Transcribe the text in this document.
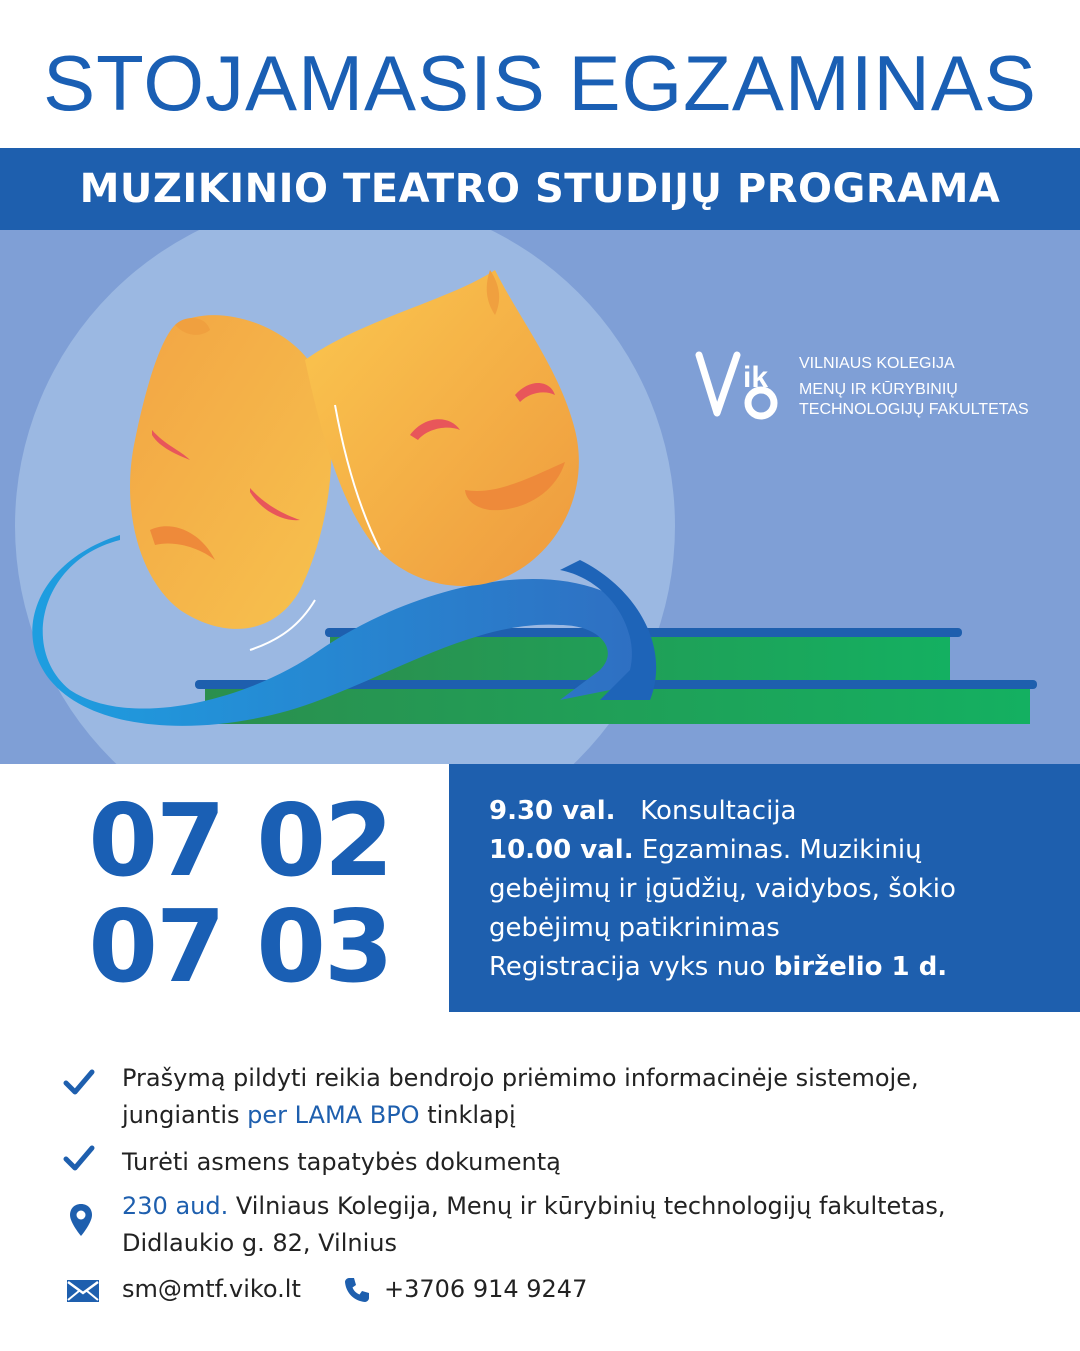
STOJAMASIS EGZAMINAS
MUZIKINIO TEATRO STUDIJŲ PROGRAMA
ik VILNIAUS KOLEGIJA
MENŲ IR KŪRYBINIŲ
TECHNOLOGIJŲ FAKULTETAS
07 02
07 03
9.30 val. Konsultacija
10.00 val. Egzaminas. Muzikinių
gebėjimų ir įgūdžių, vaidybos, šokio
gebėjimų patikrinimas
Registracija vyks nuo birželio 1 d.
Prašymą pildyti reikia bendrojo priėmimo informacinėje sistemoje,
jungiantis per LAMA BPO tinklapį
Turėti asmens tapatybės dokumentą
230 aud. Vilniaus Kolegija, Menų ir kūrybinių technologijų fakultetas,
Didlaukio g. 82, Vilnius
sm@mtf.viko.lt	+3706 914 9247
